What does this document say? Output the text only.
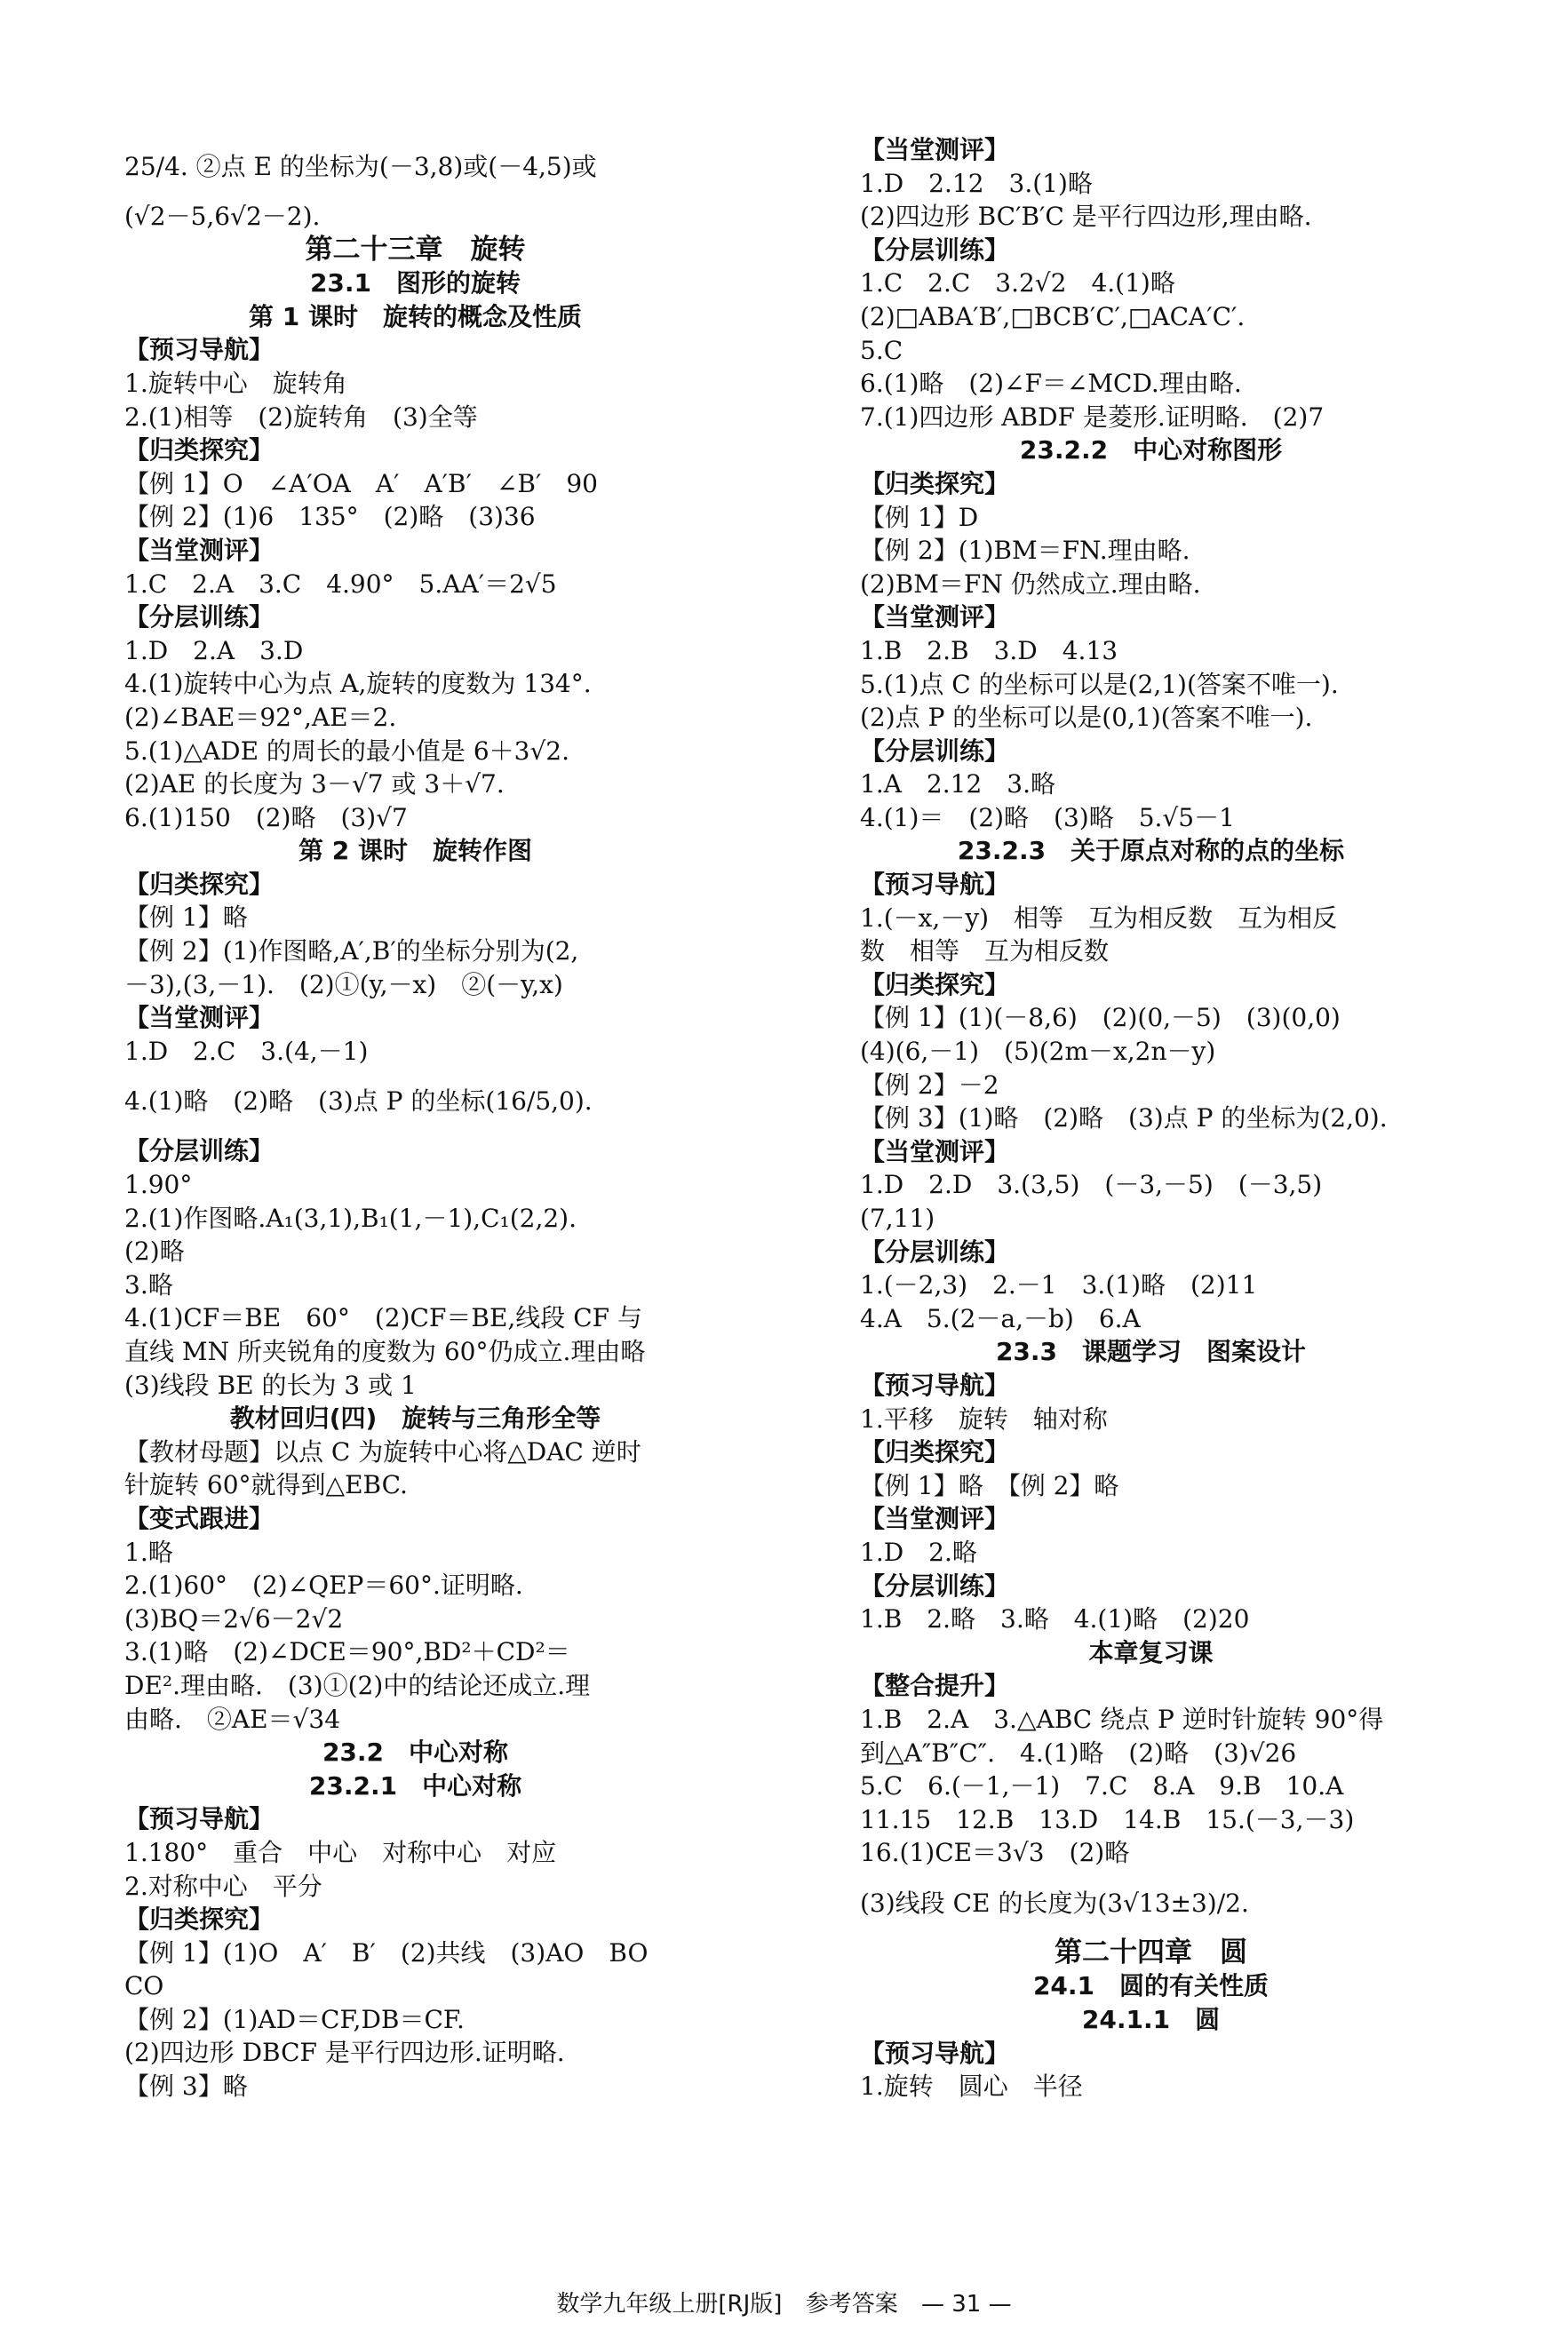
25/4. ②点 E 的坐标为(－3,8)或(－4,5)或
(√2－5,6√2－2).
第二十三章　旋转
23.1　图形的旋转
第 1 课时　旋转的概念及性质
【预习导航】
1.旋转中心　旋转角
2.(1)相等　(2)旋转角　(3)全等
【归类探究】
【例 1】O　∠A′OA　A′　A′B′　∠B′　90
【例 2】(1)6　135°　(2)略　(3)36
【当堂测评】
1.C　2.A　3.C　4.90°　5.AA′＝2√5
【分层训练】
1.D　2.A　3.D
4.(1)旋转中心为点 A,旋转的度数为 134°.
(2)∠BAE＝92°,AE＝2.
5.(1)△ADE 的周长的最小值是 6＋3√2.
(2)AE 的长度为 3－√7 或 3＋√7.
6.(1)150　(2)略　(3)√7
第 2 课时　旋转作图
【归类探究】
【例 1】略
【例 2】(1)作图略,A′,B′的坐标分别为(2,
－3),(3,－1).　(2)①(y,－x)　②(－y,x)
【当堂测评】
1.D　2.C　3.(4,－1)
4.(1)略　(2)略　(3)点 P 的坐标(16/5,0).
【分层训练】
1.90°
2.(1)作图略.A₁(3,1),B₁(1,－1),C₁(2,2).
(2)略
3.略
4.(1)CF＝BE　60°　(2)CF＝BE,线段 CF 与
直线 MN 所夹锐角的度数为 60°仍成立.理由略
(3)线段 BE 的长为 3 或 1
教材回归(四)　旋转与三角形全等
【教材母题】以点 C 为旋转中心将△DAC 逆时
针旋转 60°就得到△EBC.
【变式跟进】
1.略
2.(1)60°　(2)∠QEP＝60°.证明略.
(3)BQ＝2√6－2√2
3.(1)略　(2)∠DCE＝90°,BD²＋CD²＝
DE².理由略.　(3)①(2)中的结论还成立.理
由略.　②AE＝√34
23.2　中心对称
23.2.1　中心对称
【预习导航】
1.180°　重合　中心　对称中心　对应
2.对称中心　平分
【归类探究】
【例 1】(1)O　A′　B′　(2)共线　(3)AO　BO
CO
【例 2】(1)AD＝CF,DB＝CF.
(2)四边形 DBCF 是平行四边形.证明略.
【例 3】略
【当堂测评】
1.D　2.12　3.(1)略
(2)四边形 BC′B′C 是平行四边形,理由略.
【分层训练】
1.C　2.C　3.2√2　4.(1)略
(2)□ABA′B′,□BCB′C′,□ACA′C′.
5.C
6.(1)略　(2)∠F＝∠MCD.理由略.
7.(1)四边形 ABDF 是菱形.证明略.　(2)7
23.2.2　中心对称图形
【归类探究】
【例 1】D
【例 2】(1)BM＝FN.理由略.
(2)BM＝FN 仍然成立.理由略.
【当堂测评】
1.B　2.B　3.D　4.13
5.(1)点 C 的坐标可以是(2,1)(答案不唯一).
(2)点 P 的坐标可以是(0,1)(答案不唯一).
【分层训练】
1.A　2.12　3.略
4.(1)＝　(2)略　(3)略　5.√5－1
23.2.3　关于原点对称的点的坐标
【预习导航】
1.(－x,－y)　相等　互为相反数　互为相反
数　相等　互为相反数
【归类探究】
【例 1】(1)(－8,6)　(2)(0,－5)　(3)(0,0)
(4)(6,－1)　(5)(2m－x,2n－y)
【例 2】－2
【例 3】(1)略　(2)略　(3)点 P 的坐标为(2,0).
【当堂测评】
1.D　2.D　3.(3,5)　(－3,－5)　(－3,5)
(7,11)
【分层训练】
1.(－2,3)　2.－1　3.(1)略　(2)11
4.A　5.(2－a,－b)　6.A
23.3　课题学习　图案设计
【预习导航】
1.平移　旋转　轴对称
【归类探究】
【例 1】略　【例 2】略
【当堂测评】
1.D　2.略
【分层训练】
1.B　2.略　3.略　4.(1)略　(2)20
本章复习课
【整合提升】
1.B　2.A　3.△ABC 绕点 P 逆时针旋转 90°得
到△A″B″C″.　4.(1)略　(2)略　(3)√26
5.C　6.(－1,－1)　7.C　8.A　9.B　10.A
11.15　12.B　13.D　14.B　15.(－3,－3)
16.(1)CE＝3√3　(2)略
(3)线段 CE 的长度为(3√13±3)/2.
第二十四章　圆
24.1　圆的有关性质
24.1.1　圆
【预习导航】
1.旋转　圆心　半径
数学九年级上册[RJ版] 参考答案 — 31 —
